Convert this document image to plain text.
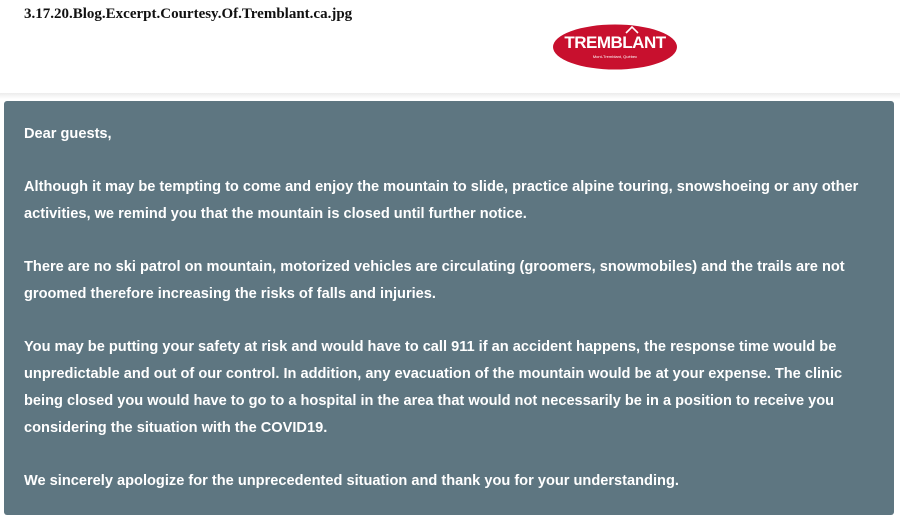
3.17.20.Blog.Excerpt.Courtesy.Of.Tremblant.ca.jpg
TREMBLANT
Mont-Tremblant, Québec

Dear guests,

Although it may be tempting to come and enjoy the mountain to slide, practice alpine touring, snowshoeing or any other activities, we remind you that the mountain is closed until further notice.

There are no ski patrol on mountain, motorized vehicles are circulating (groomers, snowmobiles) and the trails are not groomed therefore increasing the risks of falls and injuries.

You may be putting your safety at risk and would have to call 911 if an accident happens, the response time would be unpredictable and out of our control. In addition, any evacuation of the mountain would be at your expense. The clinic being closed you would have to go to a hospital in the area that would not necessarily be in a position to receive you considering the situation with the COVID19.

We sincerely apologize for the unprecedented situation and thank you for your understanding.
